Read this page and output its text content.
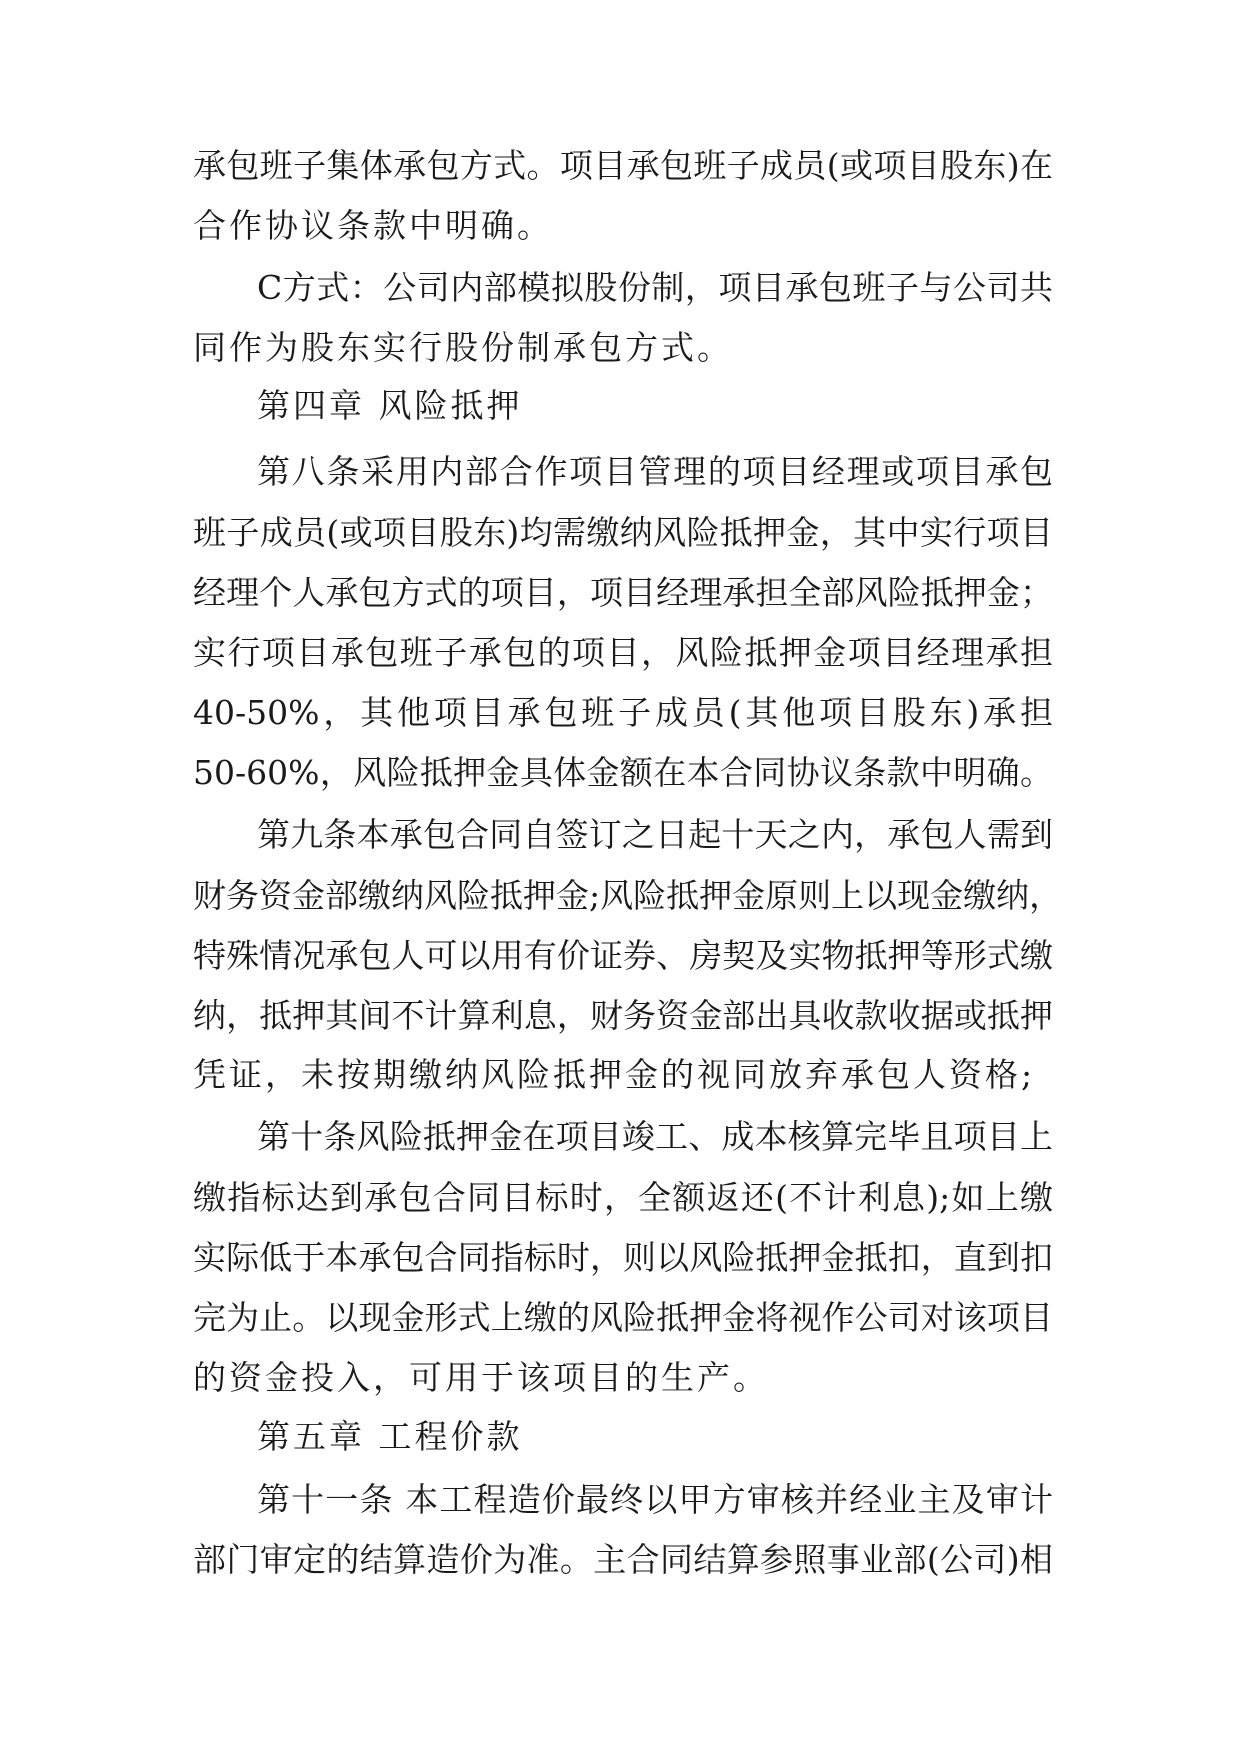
承包班子集体承包方式。项目承包班子成员(或项目股东)在
合作协议条款中明确。
C方式：公司内部模拟股份制，项目承包班子与公司共
同作为股东实行股份制承包方式。
第四章 风险抵押
第八条采用内部合作项目管理的项目经理或项目承包
班子成员(或项目股东)均需缴纳风险抵押金，其中实行项目
经理个人承包方式的项目，项目经理承担全部风险抵押金；
实行项目承包班子承包的项目，风险抵押金项目经理承担
40-50%，其他项目承包班子成员(其他项目股东)承担
50-60%，风险抵押金具体金额在本合同协议条款中明确。
第九条本承包合同自签订之日起十天之内，承包人需到
财务资金部缴纳风险抵押金;风险抵押金原则上以现金缴纳，
特殊情况承包人可以用有价证券、房契及实物抵押等形式缴
纳，抵押其间不计算利息，财务资金部出具收款收据或抵押
凭证，未按期缴纳风险抵押金的视同放弃承包人资格;
第十条风险抵押金在项目竣工、成本核算完毕且项目上
缴指标达到承包合同目标时，全额返还(不计利息);如上缴
实际低于本承包合同指标时，则以风险抵押金抵扣，直到扣
完为止。以现金形式上缴的风险抵押金将视作公司对该项目
的资金投入，可用于该项目的生产。
第五章 工程价款
第十一条 本工程造价最终以甲方审核并经业主及审计
部门审定的结算造价为准。主合同结算参照事业部(公司)相
